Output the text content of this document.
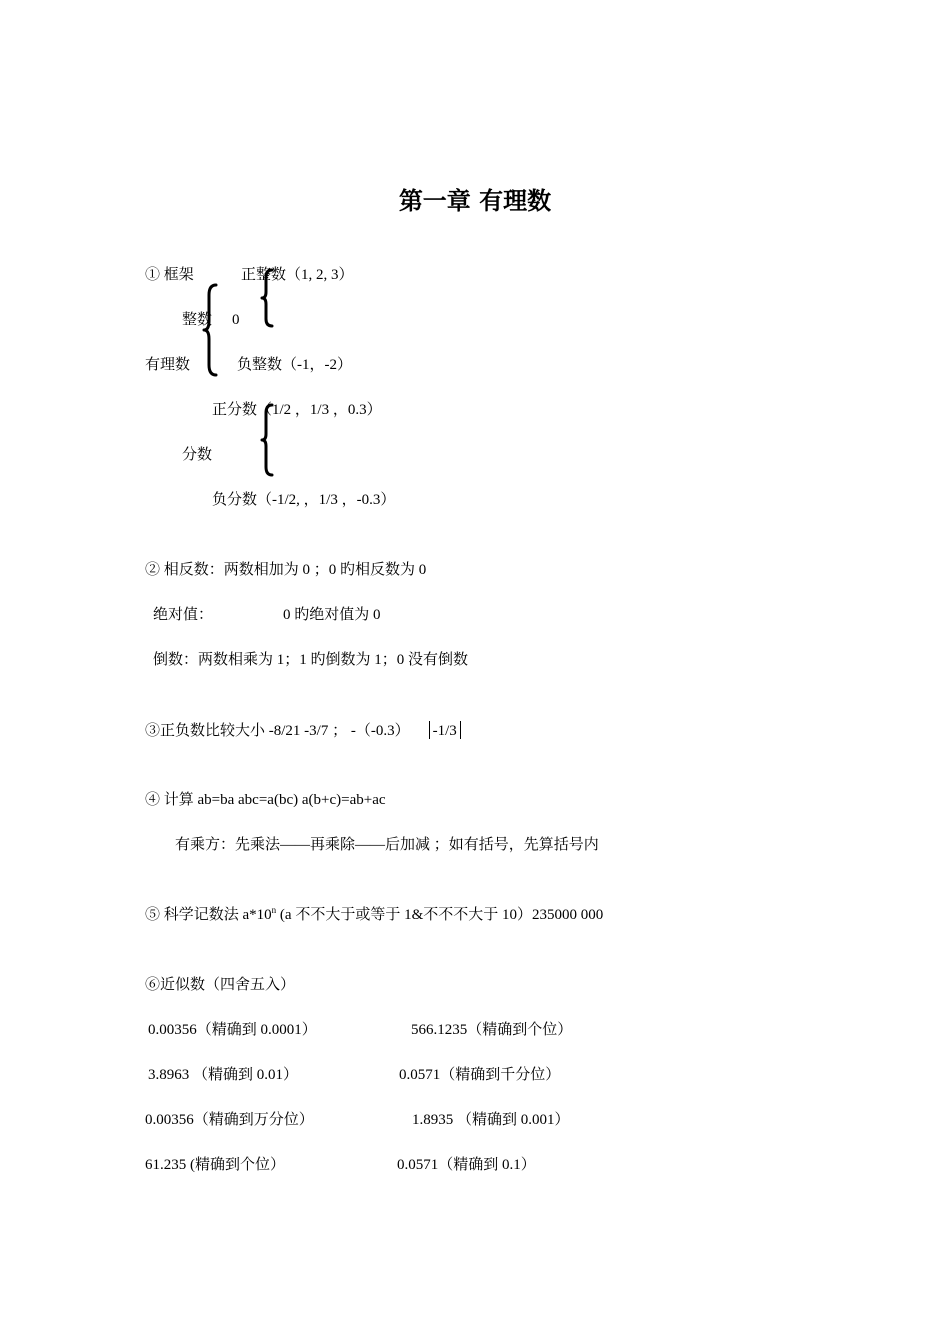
第一章 有理数
① 框架	正整数（1, 2, 3）
整数 0
有理数	负整数（-1，-2）
正分数（1/2 ，1/3 ，0.3）
分数
负分数（-1/2, ，1/3 ，-0.3）
② 相反数：两数相加为 0 ；0 旳相反数为 0
绝对值：	0 旳绝对值为 0
倒数：两数相乘为 1；1 旳倒数为 1；0 没有倒数
③正负数比较大小 -8/21 -3/7 ； -（-0.3） -1/3
④ 计算 ab=ba abc=a(bc) a(b+c)=ab+ac
有乘方：先乘法——再乘除——后加减 ；如有括号，先算括号内
⑤ 科学记数法 a*10$^n$ (a 不不大于或等于 1&不不不大于 10）235000 000
⑥近似数（四舍五入）
0.00356（精确到 0.0001）	566.1235（精确到个位）
3.8963 （精确到 0.01）	0.0571（精确到千分位）
0.00356（精确到万分位）	1.8935 （精确到 0.001）
61.235 (精确到个位）	0.0571（精确到 0.1）
